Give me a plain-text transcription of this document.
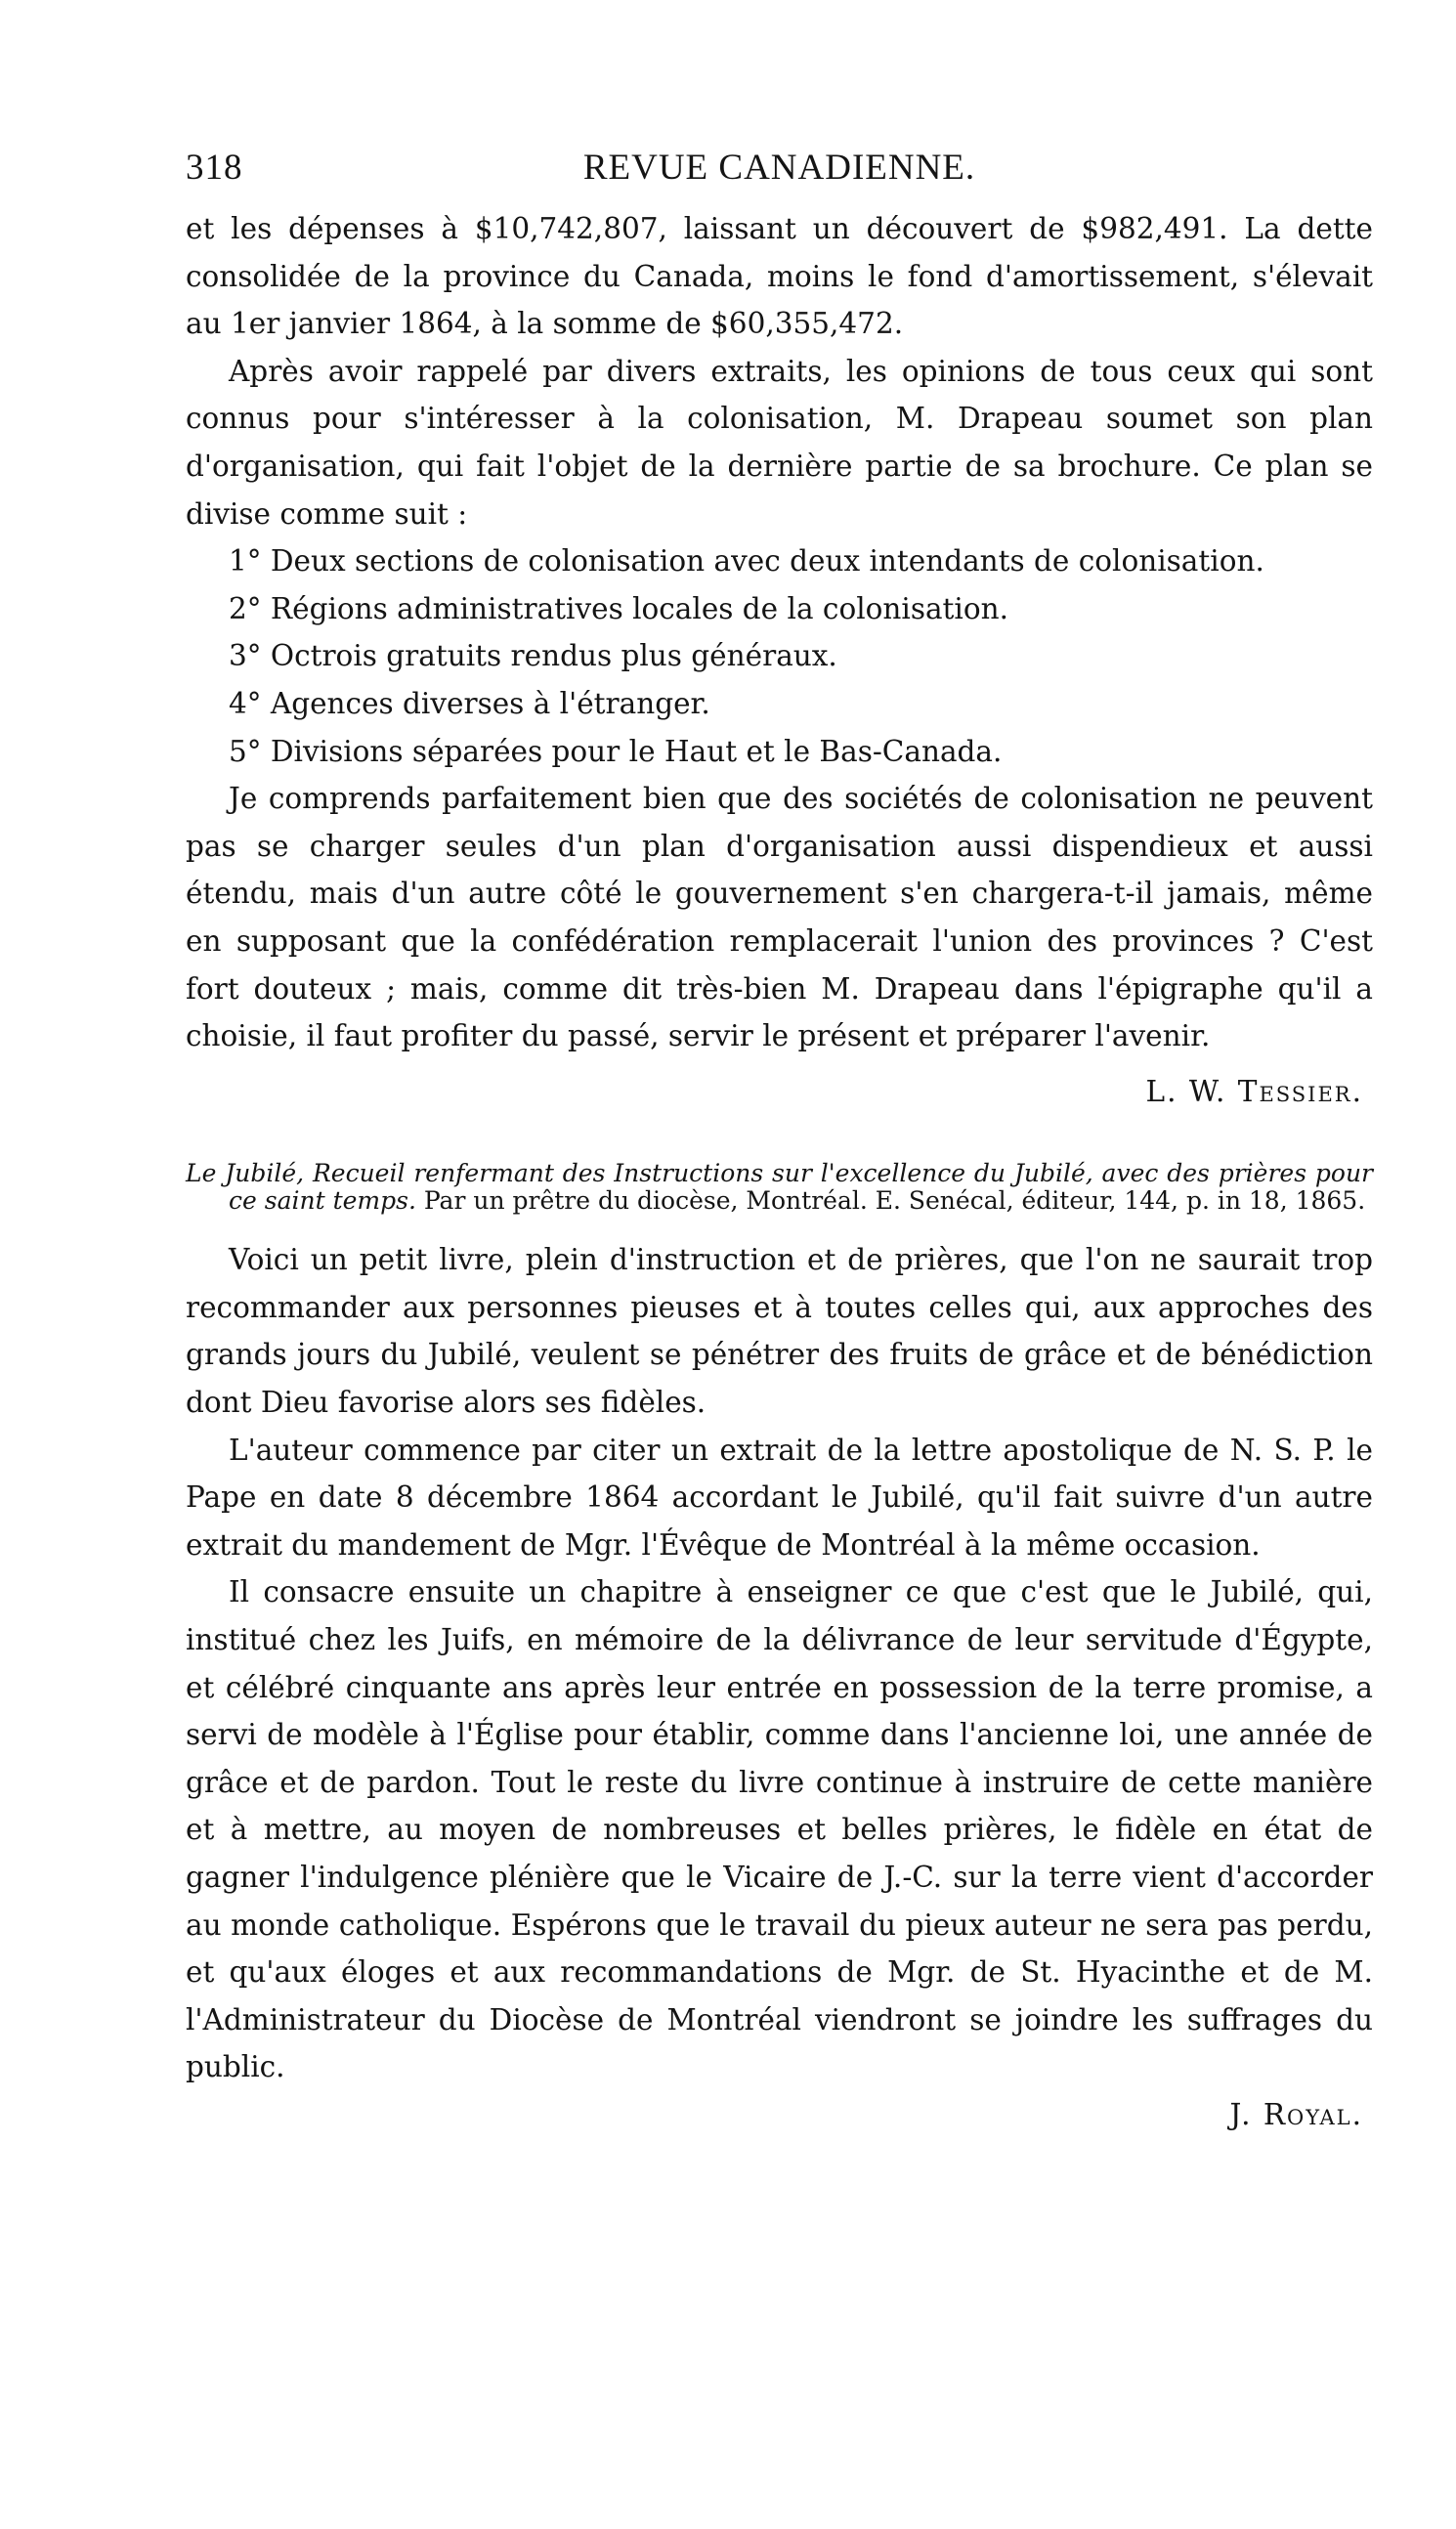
318	REVUE CANADIENNE.

et les dépenses à $10,742,807, laissant un découvert de $982,491. La dette consolidée de la province du Canada, moins le fond d'amortissement, s'élevait au 1er janvier 1864, à la somme de $60,355,472.

Après avoir rappelé par divers extraits, les opinions de tous ceux qui sont connus pour s'intéresser à la colonisation, M. Drapeau soumet son plan d'organisation, qui fait l'objet de la dernière partie de sa brochure. Ce plan se divise comme suit :

1° Deux sections de colonisation avec deux intendants de colonisation.
2° Régions administratives locales de la colonisation.
3° Octrois gratuits rendus plus généraux.
4° Agences diverses à l'étranger.
5° Divisions séparées pour le Haut et le Bas-Canada.

Je comprends parfaitement bien que des sociétés de colonisation ne peuvent pas se charger seules d'un plan d'organisation aussi dispendieux et aussi étendu, mais d'un autre côté le gouvernement s'en chargera-t-il jamais, même en supposant que la confédération remplacerait l'union des provinces ? C'est fort douteux ; mais, comme dit très-bien M. Drapeau dans l'épigraphe qu'il a choisie, il faut profiter du passé, servir le présent et préparer l'avenir.

L. W. Tessier.
Le Jubilé, Recueil renfermant des Instructions sur l'excellence du Jubilé, avec des prières pour ce saint temps. Par un prêtre du diocèse, Montréal. E. Senécal, éditeur, 144, p. in 18, 1865.

Voici un petit livre, plein d'instruction et de prières, que l'on ne saurait trop recommander aux personnes pieuses et à toutes celles qui, aux approches des grands jours du Jubilé, veulent se pénétrer des fruits de grâce et de bénédiction dont Dieu favorise alors ses fidèles.

L'auteur commence par citer un extrait de la lettre apostolique de N. S. P. le Pape en date 8 décembre 1864 accordant le Jubilé, qu'il fait suivre d'un autre extrait du mandement de Mgr. l'Évêque de Montréal à la même occasion.

Il consacre ensuite un chapitre à enseigner ce que c'est que le Jubilé, qui, institué chez les Juifs, en mémoire de la délivrance de leur servitude d'Égypte, et célébré cinquante ans après leur entrée en possession de la terre promise, a servi de modèle à l'Église pour établir, comme dans l'ancienne loi, une année de grâce et de pardon. Tout le reste du livre continue à instruire de cette manière et à mettre, au moyen de nombreuses et belles prières, le fidèle en état de gagner l'indulgence plénière que le Vicaire de J.-C. sur la terre vient d'accorder au monde catholique. Espérons que le travail du pieux auteur ne sera pas perdu, et qu'aux éloges et aux recommandations de Mgr. de St. Hyacinthe et de M. l'Administrateur du Diocèse de Montréal viendront se joindre les suffrages du public.

J. Royal.
